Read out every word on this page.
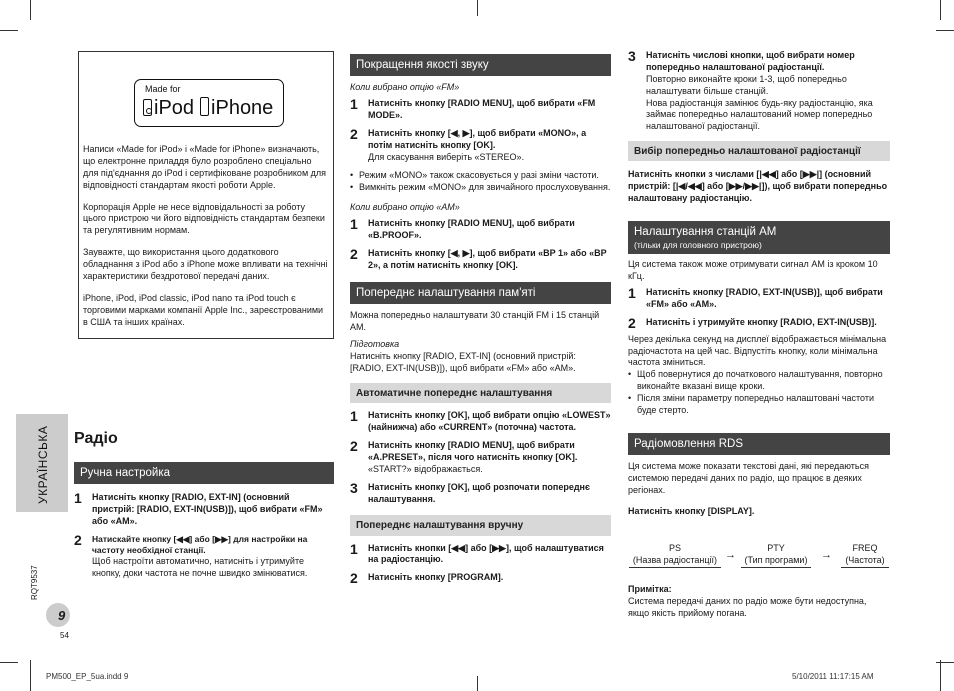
Made for
iPod iPhone

Написи «Made for iPod» і «Made for iPhone» визначають, що електронне приладдя було розроблено спеціально для під'єднання до iPod і сертифіковане розробником для відповідності стандартам якості роботи Apple.

Корпорація Apple не несе відповідальності за роботу цього пристрою чи його відповідність стандартам безпеки та регулятивним нормам.

Зауважте, що використання цього додаткового обладнання з iPod або з iPhone може впливати на технічні характеристики бездротової передачі даних.

iPhone, iPod, iPod classic, iPod nano та iPod touch є торговими марками компанії Apple Inc., зареєстрованими в США та інших країнах.

УКРАЇНСЬКА Радіо
Ручна настройка
1 Натисніть кнопку [RADIO, EXT-IN] (основний пристрій: [RADIO, EXT-IN(USB)]), щоб вибрати «FM» або «AM».
2 Натискайте кнопку [◀◀] або [▶▶] для настройки на частоту необхідної станції.
Щоб настроїти автоматично, натисніть і утримуйте кнопку, доки частота не почне швидко змінюватися.
RQT9537
9
54
Покращення якості звуку
Коли вибрано опцію «FM»
1 Натисніть кнопку [RADIO MENU], щоб вибрати «FM MODE».
2 Натисніть кнопку [◀, ▶], щоб вибрати «MONO», а потім натисніть кнопку [OK].
Для скасування виберіть «STEREO».
• Режим «MONO» також скасовується у разі зміни частоти.
• Вимкніть режим «MONO» для звичайного прослуховування.
Коли вибрано опцію «AM»
1 Натисніть кнопку [RADIO MENU], щоб вибрати «B.PROOF».
2 Натисніть кнопку [◀, ▶], щоб вибрати «BP 1» або «BP 2», а потім натисніть кнопку [OK].
Попереднє налаштування пам'яті
Можна попередньо налаштувати 30 станцій FM і 15 станцій AM.
Підготовка
Натисніть кнопку [RADIO, EXT-IN] (основний пристрій: [RADIO, EXT-IN(USB)]), щоб вибрати «FM» або «AM».
Автоматичне попереднє налаштування
1 Натисніть кнопку [OK], щоб вибрати опцію «LOWEST» (найнижча) або «CURRENT» (поточна) частота.
2 Натисніть кнопку [RADIO MENU], щоб вибрати «A.PRESET», після чого натисніть кнопку [OK].
«START?» відображається.
3 Натисніть кнопку [OK], щоб розпочати попереднє налаштування.
Попереднє налаштування вручну
1 Натисніть кнопки [◀◀] або [▶▶], щоб налаштуватися на радіостанцію.
2 Натисніть кнопку [PROGRAM].
3 Натисніть числові кнопки, щоб вибрати номер попередньо налаштованої радіостанції.
Повторно виконайте кроки 1-3, щоб попередньо налаштувати більше станцій.
Нова радіостанція замінює будь-яку радіостанцію, яка займає попередньо налаштований номер попередньо налаштованої радіостанції.
Вибір попередньо налаштованої радіостанції
Натисніть кнопки з числами [|◀◀] або [▶▶|] (основний пристрій: [|◀/◀◀] або [▶▶/▶▶|]), щоб вибрати попередньо налаштовану радіостанцію.
Налаштування станцій AM
(тільки для головного пристрою)
Ця система також може отримувати сигнал AM із кроком 10 кГц.
1 Натисніть кнопку [RADIO, EXT-IN(USB)], щоб вибрати «FM» або «AM».
2 Натисніть і утримуйте кнопку [RADIO, EXT-IN(USB)].
Через декілька секунд на дисплеї відображається мінімальна радіочастота на цей час. Відпустіть кнопку, коли мінімальна частота зміниться.
• Щоб повернутися до початкового налаштування, повторно виконайте вказані вище кроки.
• Після зміни параметру попередньо налаштовані частоти буде стерто.
Радіомовлення RDS
Ця система може показати текстові дані, які передаються системою передачі даних по радіо, що працює в деяких регіонах.
Натисніть кнопку [DISPLAY].
PS
(Назва радіостанції) →
PTY
(Тип програми)	→
FREQ
(Частота)
Примітка:
Система передачі даних по радіо може бути недоступна, якщо якість прийому погана.
PM500_EP_5ua.indd 9	5/10/2011 11:17:15 AM
